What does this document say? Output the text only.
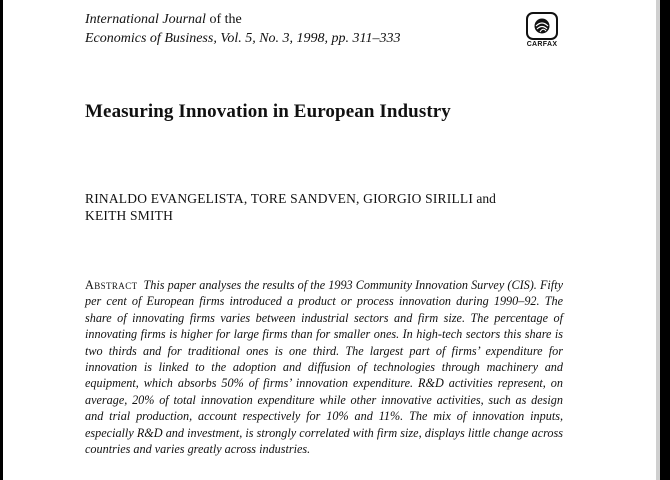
International Journal of the
Economics of Business, Vol. 5, No. 3, 1998, pp. 311–333	CARFAX
Measuring Innovation in European Industry
RINALDO EVANGELISTA, TORE SANDVEN, GIORGIO SIRILLI and
KEITH SMITH
Abstract This paper analyses the results of the 1993 Community Innovation Survey (CIS). Fifty per cent of European firms introduced a product or process innovation during 1990–92. The share of innovating firms varies between industrial sectors and firm size. The percentage of innovating firms is higher for large firms than for smaller ones. In high-tech sectors this share is two thirds and for traditional ones is one third. The largest part of firms’ expenditure for innovation is linked to the adoption and diffusion of technologies through machinery and equipment, which absorbs 50% of firms’ innovation expenditure. R&D activities represent, on average, 20% of total innovation expenditure while other innovative activities, such as design and trial production, account respectively for 10% and 11%. The mix of innovation inputs, especially R&D and investment, is strongly correlated with firm size, displays little change across countries and varies greatly across industries.
